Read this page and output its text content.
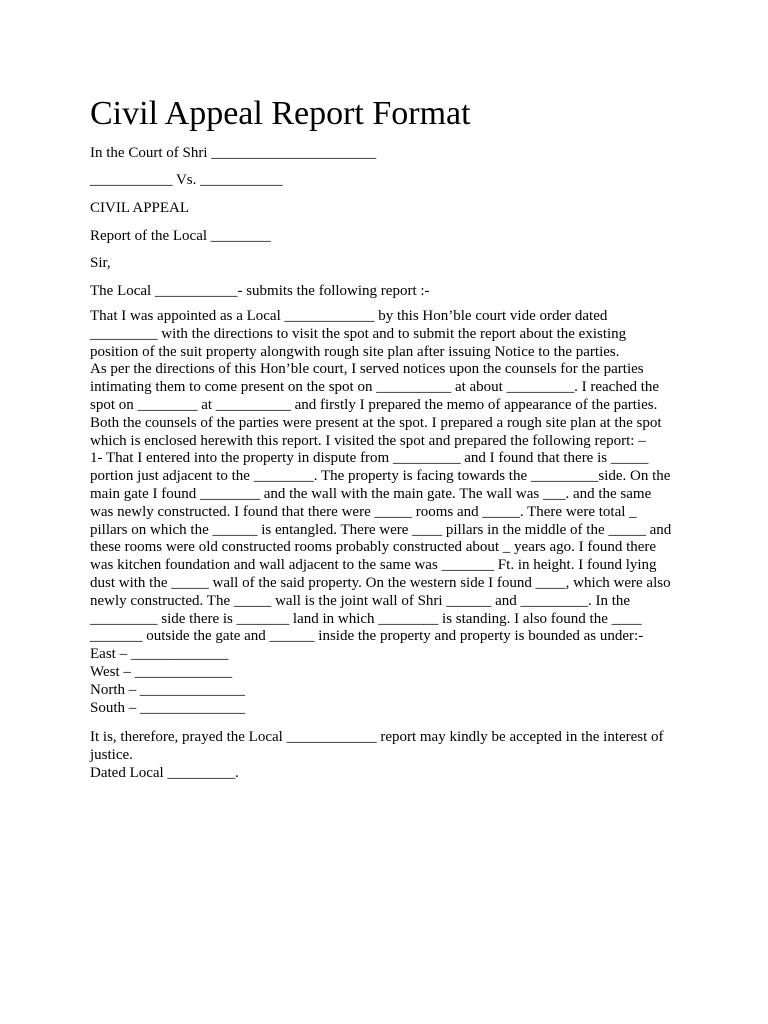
Civil Appeal Report Format

In the Court of Shri ______________________

___________ Vs. ___________

CIVIL APPEAL

Report of the Local ________

Sir,

The Local ___________- submits the following report :-

That I was appointed as a Local ____________ by this Hon’ble court vide order dated
_________ with the directions to visit the spot and to submit the report about the existing
position of the suit property alongwith rough site plan after issuing Notice to the parties.
As per the directions of this Hon’ble court, I served notices upon the counsels for the parties
intimating them to come present on the spot on __________ at about _________. I reached the
spot on ________ at __________ and firstly I prepared the memo of appearance of the parties.
Both the counsels of the parties were present at the spot. I prepared a rough site plan at the spot
which is enclosed herewith this report. I visited the spot and prepared the following report: –
1- That I entered into the property in dispute from _________ and I found that there is _____
portion just adjacent to the ________. The property is facing towards the _________side. On the
main gate I found ________ and the wall with the main gate. The wall was ___. and the same
was newly constructed. I found that there were _____ rooms and _____. There were total _
pillars on which the ______ is entangled. There were ____ pillars in the middle of the _____ and
these rooms were old constructed rooms probably constructed about _ years ago. I found there
was kitchen foundation and wall adjacent to the same was _______ Ft. in height. I found lying
dust with the _____ wall of the said property. On the western side I found ____, which were also
newly constructed. The _____ wall is the joint wall of Shri ______ and _________. In the
_________ side there is _______ land in which ________ is standing. I also found the ____
_______ outside the gate and ______ inside the property and property is bounded as under:-
East – _____________
West – _____________
North – ______________
South – ______________
It is, therefore, prayed the Local ____________ report may kindly be accepted in the interest of
justice.
Dated Local _________.
